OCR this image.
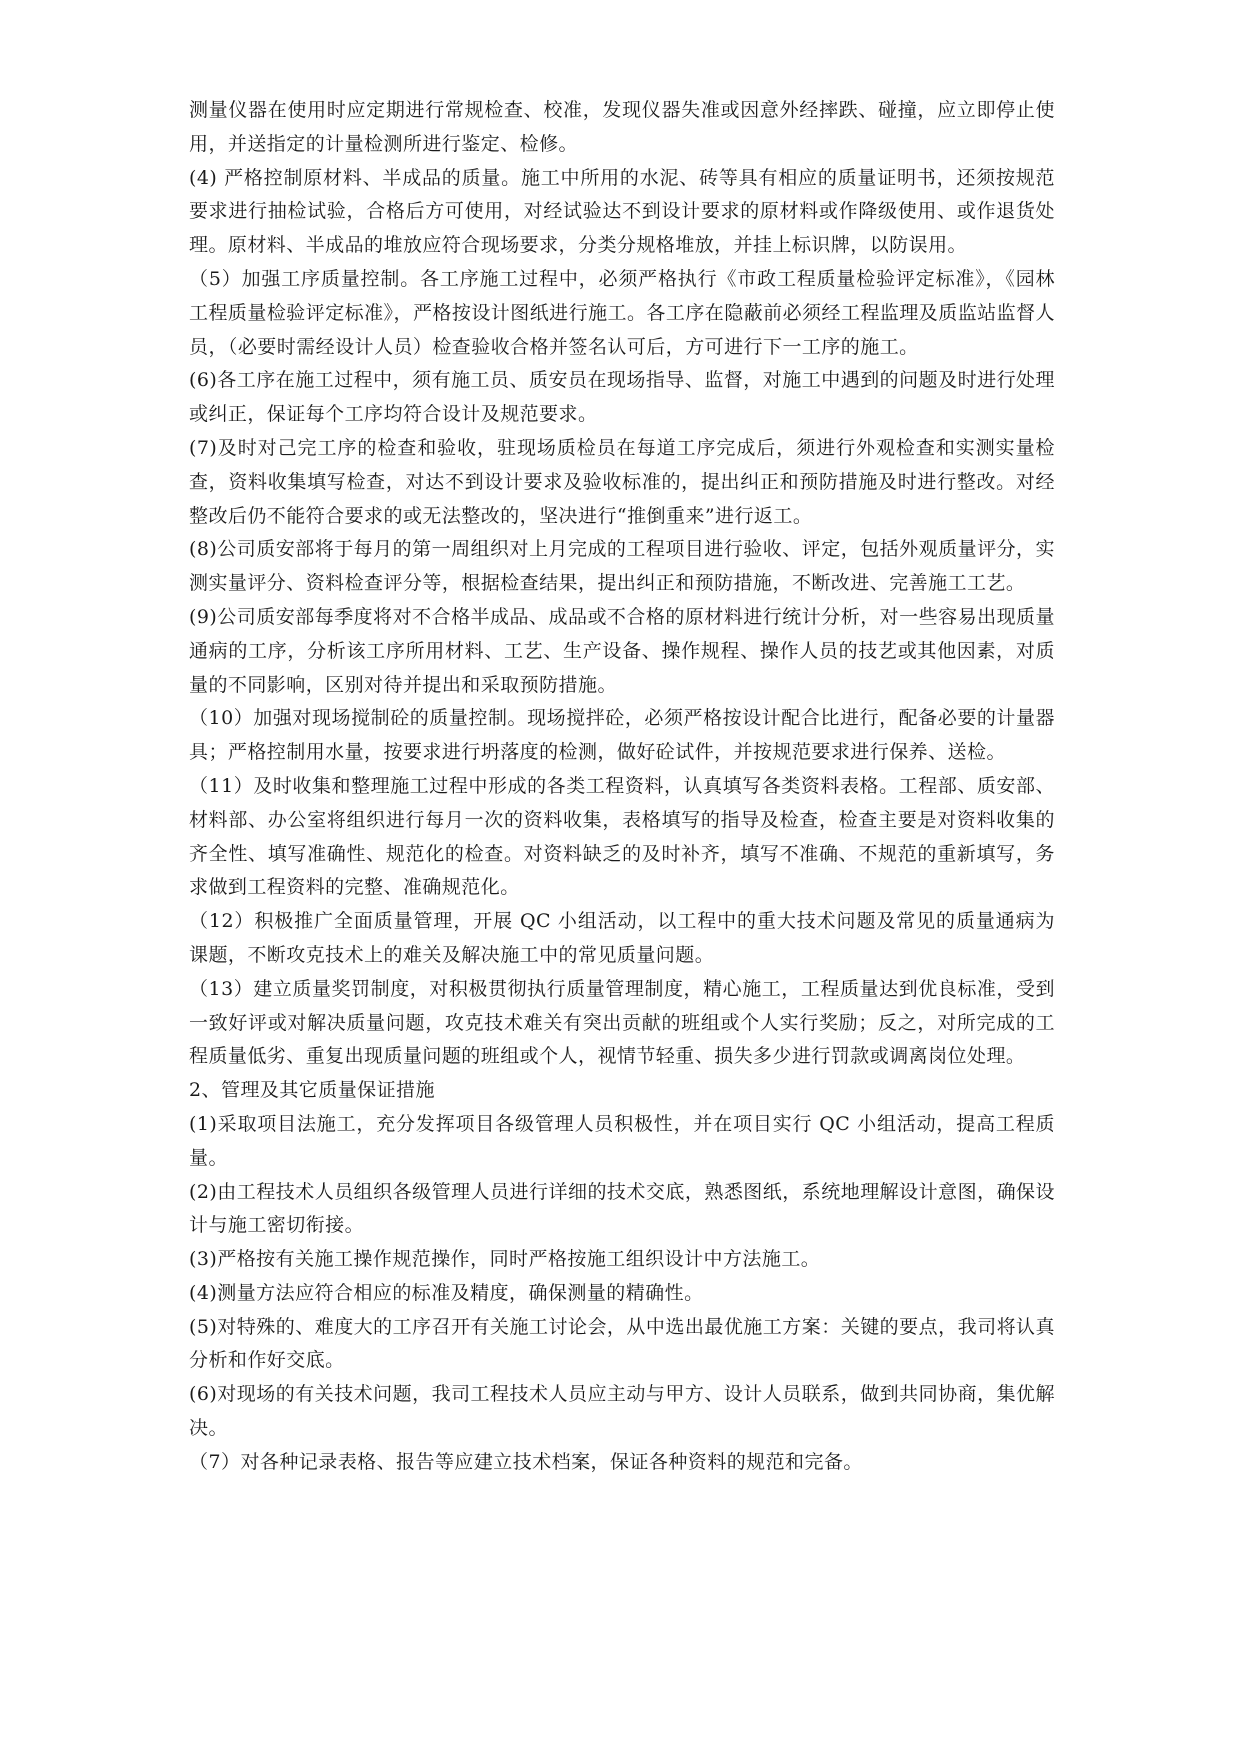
测量仪器在使用时应定期进行常规检查、校准，发现仪器失准或因意外经摔跌、碰撞，应立即停止使用，并送指定的计量检测所进行鉴定、检修。

(4) 严格控制原材料、半成品的质量。施工中所用的水泥、砖等具有相应的质量证明书，还须按规范要求进行抽检试验，合格后方可使用，对经试验达不到设计要求的原材料或作降级使用、或作退货处理。原材料、半成品的堆放应符合现场要求，分类分规格堆放，并挂上标识牌，以防误用。

（5）加强工序质量控制。各工序施工过程中，必须严格执行《市政工程质量检验评定标准》，《园林工程质量检验评定标准》，严格按设计图纸进行施工。各工序在隐蔽前必须经工程监理及质监站监督人员，（必要时需经设计人员）检查验收合格并签名认可后，方可进行下一工序的施工。

(6)各工序在施工过程中，须有施工员、质安员在现场指导、监督，对施工中遇到的问题及时进行处理或纠正，保证每个工序均符合设计及规范要求。

(7)及时对己完工序的检查和验收，驻现场质检员在每道工序完成后，须进行外观检查和实测实量检查，资料收集填写检查，对达不到设计要求及验收标准的，提出纠正和预防措施及时进行整改。对经整改后仍不能符合要求的或无法整改的，坚决进行“推倒重来”进行返工。

(8)公司质安部将于每月的第一周组织对上月完成的工程项目进行验收、评定，包括外观质量评分，实测实量评分、资料检查评分等，根据检查结果，提出纠正和预防措施，不断改进、完善施工工艺。

(9)公司质安部每季度将对不合格半成品、成品或不合格的原材料进行统计分析，对一些容易出现质量通病的工序，分析该工序所用材料、工艺、生产设备、操作规程、操作人员的技艺或其他因素，对质量的不同影响，区别对待并提出和采取预防措施。

（10）加强对现场搅制砼的质量控制。现场搅拌砼，必须严格按设计配合比进行，配备必要的计量器具；严格控制用水量，按要求进行坍落度的检测，做好砼试件，并按规范要求进行保养、送检。

（11）及时收集和整理施工过程中形成的各类工程资料，认真填写各类资料表格。工程部、质安部、材料部、办公室将组织进行每月一次的资料收集，表格填写的指导及检查，检查主要是对资料收集的齐全性、填写准确性、规范化的检查。对资料缺乏的及时补齐，填写不准确、不规范的重新填写，务求做到工程资料的完整、准确规范化。

（12）积极推广全面质量管理，开展 QC 小组活动，以工程中的重大技术问题及常见的质量通病为课题，不断攻克技术上的难关及解决施工中的常见质量问题。

（13）建立质量奖罚制度，对积极贯彻执行质量管理制度，精心施工，工程质量达到优良标准，受到一致好评或对解决质量问题，攻克技术难关有突出贡献的班组或个人实行奖励；反之，对所完成的工程质量低劣、重复出现质量问题的班组或个人，视情节轻重、损失多少进行罚款或调离岗位处理。

2、管理及其它质量保证措施

(1)采取项目法施工，充分发挥项目各级管理人员积极性，并在项目实行 QC 小组活动，提高工程质量。

(2)由工程技术人员组织各级管理人员进行详细的技术交底，熟悉图纸，系统地理解设计意图，确保设计与施工密切衔接。

(3)严格按有关施工操作规范操作，同时严格按施工组织设计中方法施工。

(4)测量方法应符合相应的标准及精度，确保测量的精确性。

(5)对特殊的、难度大的工序召开有关施工讨论会，从中选出最优施工方案：关键的要点，我司将认真分析和作好交底。

(6)对现场的有关技术问题，我司工程技术人员应主动与甲方、设计人员联系，做到共同协商，集优解决。

（7）对各种记录表格、报告等应建立技术档案，保证各种资料的规范和完备。
